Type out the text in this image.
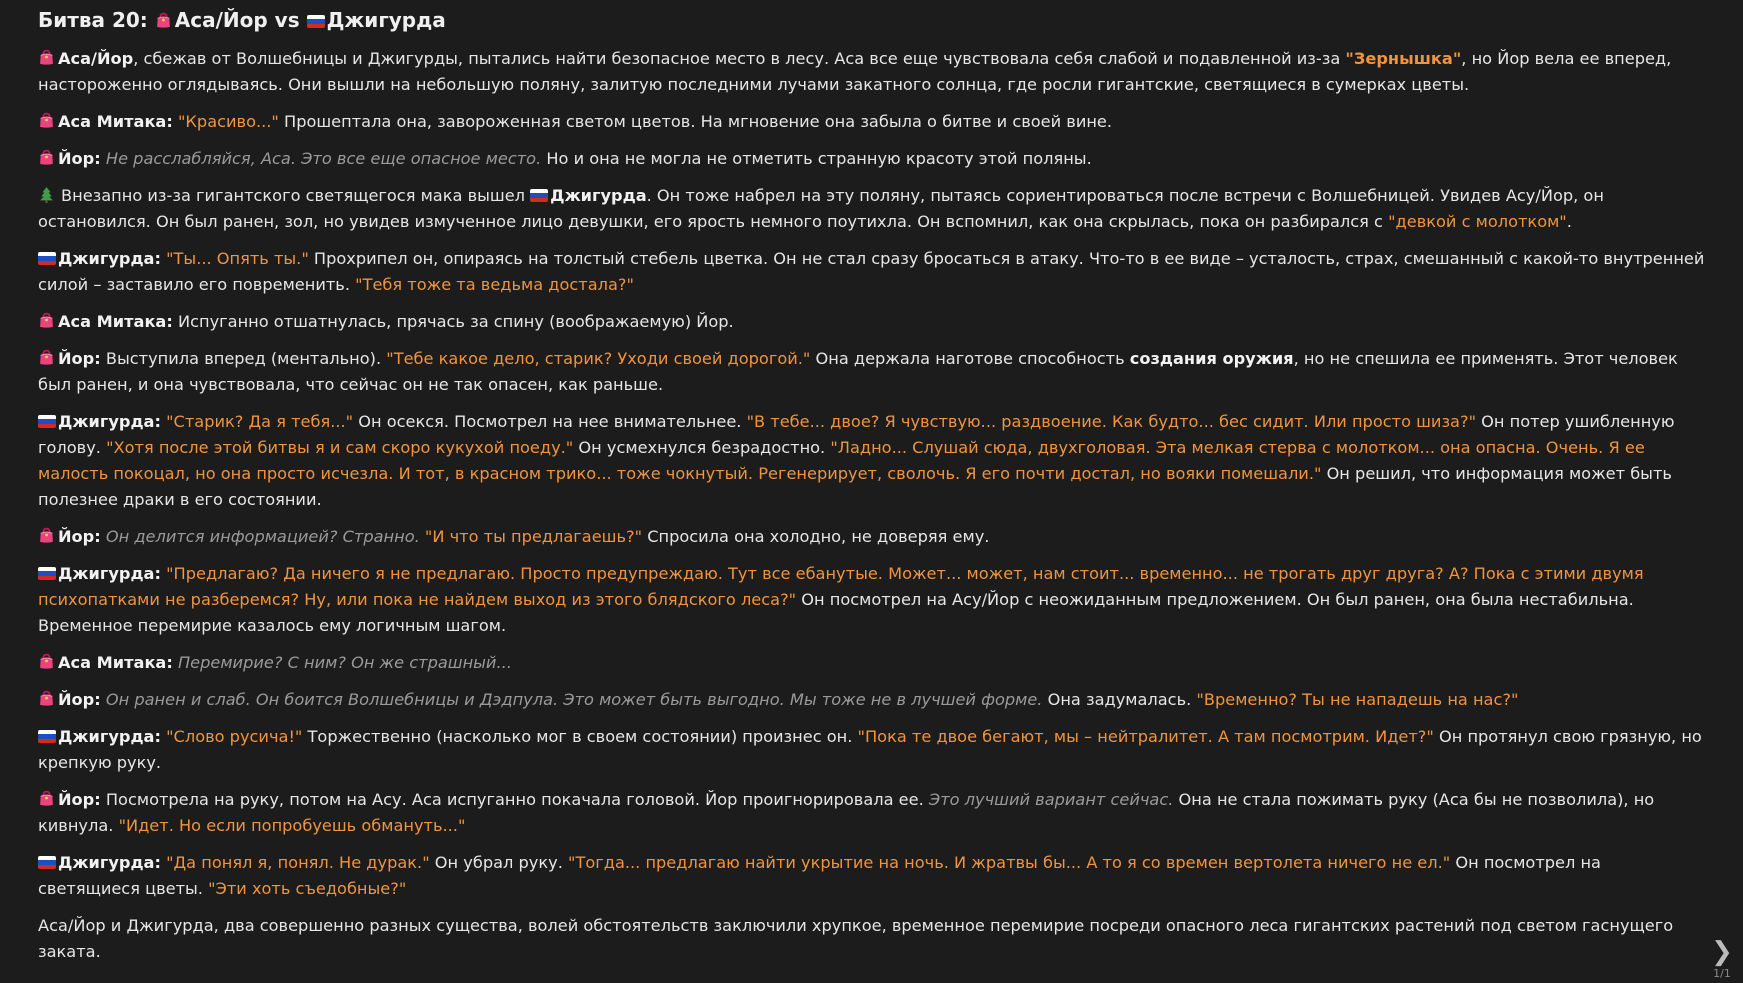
Битва 20: Аса/Йор vs Джигурда

Аса/Йор, сбежав от Волшебницы и Джигурды, пытались найти безопасное место в лесу. Аса все еще чувствовала себя слабой и подавленной из-за "Зернышка", но Йор вела ее вперед, настороженно оглядываясь. Они вышли на небольшую поляну, залитую последними лучами закатного солнца, где росли гигантские, светящиеся в сумерках цветы.

Аса Митака: "Красиво..." Прошептала она, завороженная светом цветов. На мгновение она забыла о битве и своей вине.

Йор: Не расслабляйся, Аса. Это все еще опасное место. Но и она не могла не отметить странную красоту этой поляны.

Внезапно из-за гигантского светящегося мака вышел
Джигурда. Он тоже набрел на эту поляну, пытаясь сориентироваться после встречи с Волшебницей. Увидев Асу/Йор, он остановился. Он был ранен, зол, но увидев измученное лицо девушки, его ярость немного поутихла. Он вспомнил, как она скрылась, пока он разбирался с "девкой с молотком".

Джигурда: "Ты... Опять ты." Прохрипел он, опираясь на толстый стебель цветка. Он не стал сразу бросаться в атаку. Что-то в ее виде – усталость, страх, смешанный с какой-то внутренней силой – заставило его повременить. "Тебя тоже та ведьма достала?"

Аса Митака: Испуганно отшатнулась, прячась за спину (воображаемую) Йор.

Йор: Выступила вперед (ментально). "Тебе какое дело, старик? Уходи своей дорогой." Она держала наготове способность создания оружия, но не спешила ее применять. Этот человек был ранен, и она чувствовала, что сейчас он не так опасен, как раньше.

Джигурда: "Старик? Да я тебя..." Он осекся. Посмотрел на нее внимательнее. "В тебе... двое? Я чувствую... раздвоение. Как будто... бес сидит. Или просто шиза?" Он потер ушибленную голову. "Хотя после этой битвы я и сам скоро кукухой поеду." Он усмехнулся безрадостно. "Ладно... Слушай сюда, двухголовая. Эта мелкая стерва с молотком... она опасна. Очень. Я ее малость покоцал, но она просто исчезла. И тот, в красном трико... тоже чокнутый. Регенерирует, сволочь. Я его почти достал, но вояки помешали." Он решил, что информация может быть полезнее драки в его состоянии.

Йор: Он делится информацией? Странно. "И что ты предлагаешь?" Спросила она холодно, не доверяя ему.

Джигурда: "Предлагаю? Да ничего я не предлагаю. Просто предупреждаю. Тут все ебанутые. Может... может, нам стоит... временно... не трогать друг друга? А? Пока с этими двумя психопатками не разберемся? Ну, или пока не найдем выход из этого блядского леса?" Он посмотрел на Асу/Йор с неожиданным предложением. Он был ранен, она была нестабильна. Временное перемирие казалось ему логичным шагом.

Аса Митака: Перемирие? С ним? Он же страшный...

Йор: Он ранен и слаб. Он боится Волшебницы и Дэдпула. Это может быть выгодно. Мы тоже не в лучшей форме. Она задумалась. "Временно? Ты не нападешь на нас?"

Джигурда: "Слово русича!" Торжественно (насколько мог в своем состоянии) произнес он. "Пока те двое бегают, мы – нейтралитет. А там посмотрим. Идет?" Он протянул свою грязную, но крепкую руку.

Йор: Посмотрела на руку, потом на Асу. Аса испуганно покачала головой. Йор проигнорировала ее. Это лучший вариант сейчас. Она не стала пожимать руку (Аса бы не позволила), но кивнула. "Идет. Но если попробуешь обмануть..."

Джигурда: "Да понял я, понял. Не дурак." Он убрал руку. "Тогда... предлагаю найти укрытие на ночь. И жратвы бы... А то я со времен вертолета ничего не ел." Он посмотрел на светящиеся цветы. "Эти хоть съедобные?"

Аса/Йор и Джигурда, два совершенно разных существа, волей обстоятельств заключили хрупкое, временное перемирие посреди опасного леса гигантских растений под светом гаснущего заката.	❯
1/1
